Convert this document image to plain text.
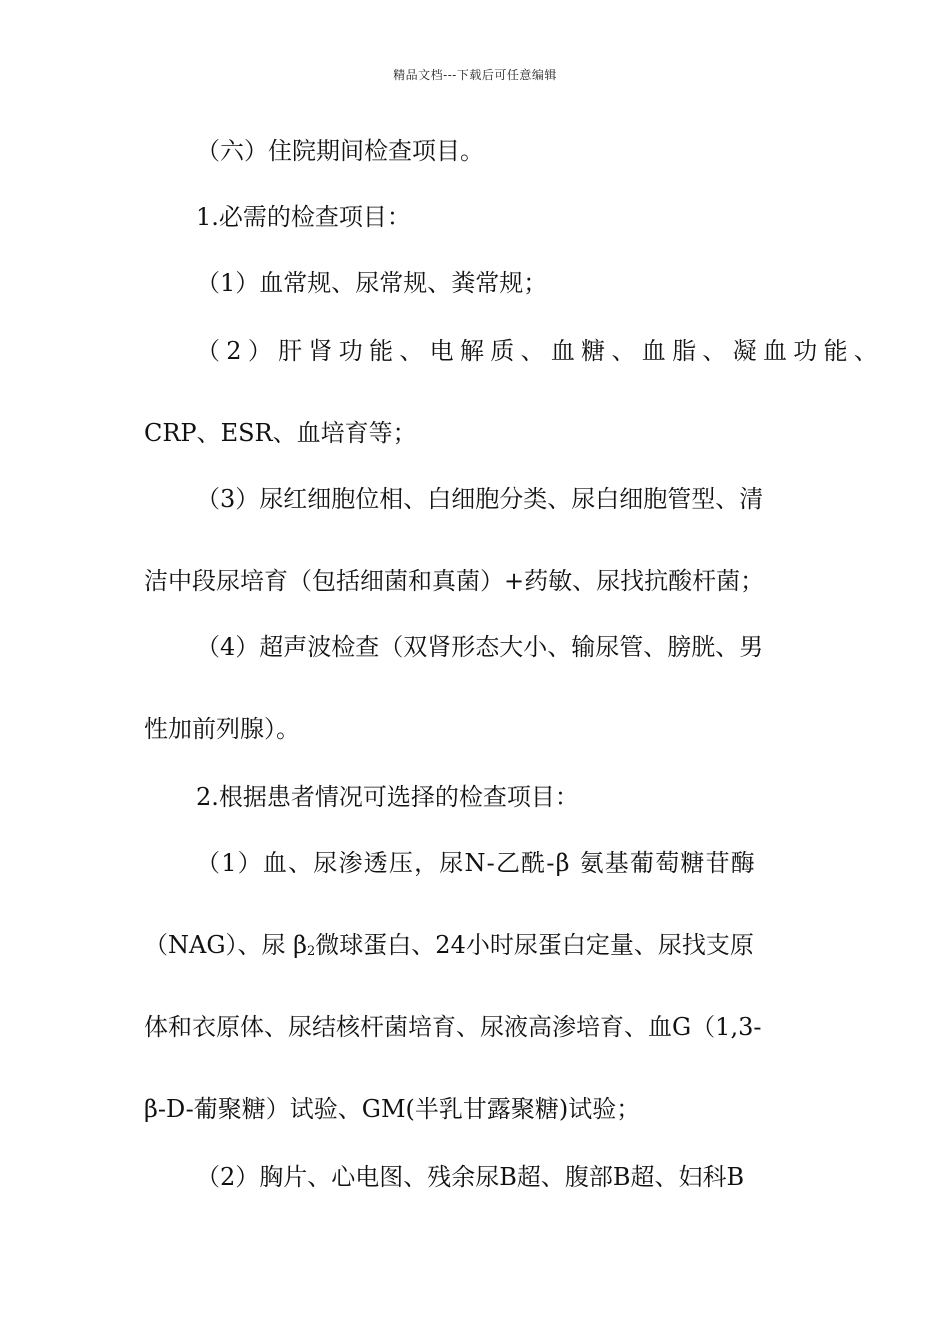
精品文档---下载后可任意编辑
（六）住院期间检查项目。
1.必需的检查项目：
（1）血常规、尿常规、粪常规；
（2）肝肾功能、电解质、血糖、血脂、凝血功能、
CRP、ESR、血培育等；
（3）尿红细胞位相、白细胞分类、尿白细胞管型、清
洁中段尿培育（包括细菌和真菌）+药敏、尿找抗酸杆菌；
（4）超声波检查（双肾形态大小、输尿管、膀胱、男
性加前列腺）。
2.根据患者情况可选择的检查项目：
（1）血、尿渗透压，尿N-乙酰-β 氨基葡萄糖苷酶
（NAG）、尿 $\beta_2$微球蛋白、24小时尿蛋白定量、尿找支原
体和衣原体、尿结核杆菌培育、尿液高渗培育、血G（1,3-
β-D-葡聚糖）试验、GM(半乳甘露聚糖)试验；
（2）胸片、心电图、残余尿B超、腹部B超、妇科B
